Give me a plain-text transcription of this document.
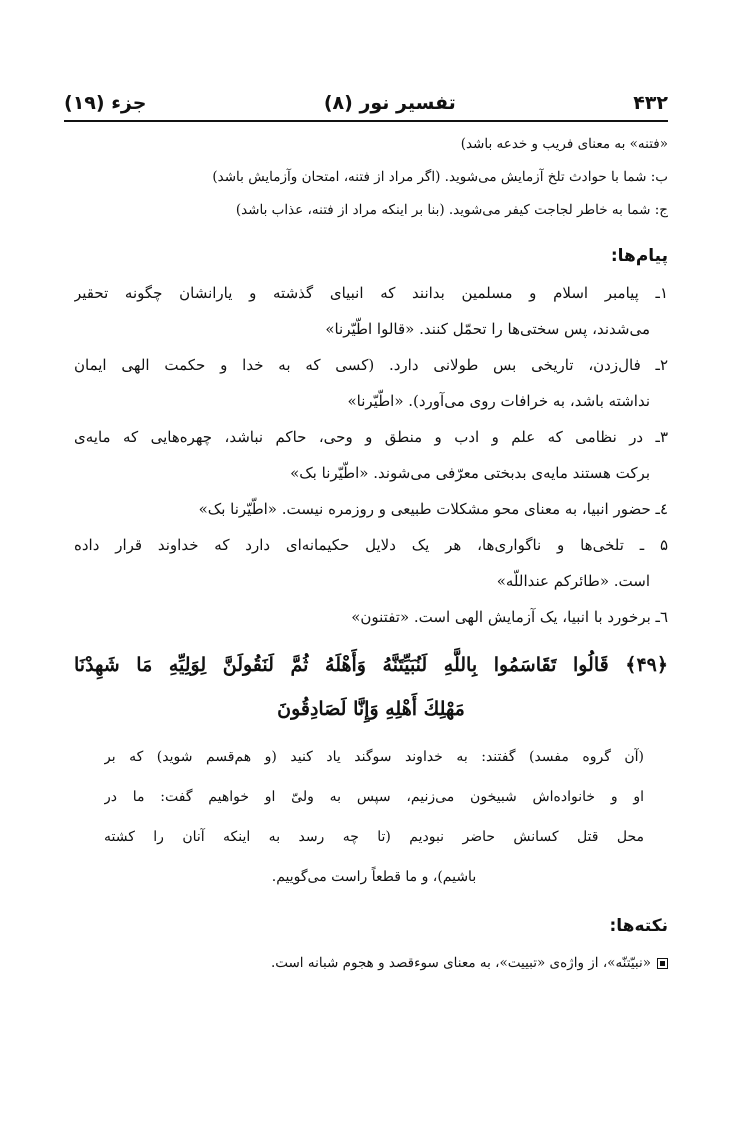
۴۳۲
تفسیر نور (۸)
جزء (۱۹)
«فتنه» به معنای فریب و خدعه باشد)
ب: شما با حوادث تلخ آزمایش می‌شوید. (اگر مراد از فتنه، امتحان وآزمایش باشد)
ج: شما به خاطر لجاجت کیفر می‌شوید. (بنا بر اینکه مراد از فتنه، عذاب باشد)
پیام‌ها:
۱ـ پیامبر اسلام و مسلمین بدانند که انبیای گذشته و یارانشان چگونه تحقیر
می‌شدند، پس سختی‌ها را تحمّل کنند. «قالوا اطّیّرنا»
۲ـ فال‌زدن، تاریخی بس طولانی دارد. (کسی که به خدا و حکمت الهی ایمان
نداشته باشد، به خرافات روی می‌آورد). «اطّیّرنا»
۳ـ در نظامی که علم و ادب و منطق و وحی، حاکم نباشد، چهره‌هایی که مایه‌ی
برکت هستند مایه‌ی بدبختی معرّفی می‌شوند. «اطّیّرنا بک»
٤ـ حضور انبیا، به معنای محو مشکلات طبیعی و روزمره نیست. «اطّیّرنا بک»
۵ ـ تلخی‌ها و ناگواری‌ها، هر یک دلایل حکیمانه‌ای دارد که خداوند قرار داده
است. «طائرکم عنداللّه»
٦ـ برخورد با انبیا، یک آزمایش الهی است. «تفتنون»
﴿۴۹﴾ قَالُوا تَقَاسَمُوا بِاللَّهِ لَنُبَيِّتَنَّهُ وَأَهْلَهُ ثُمَّ لَنَقُولَنَّ لِوَلِيِّهِ مَا شَهِدْنَا
مَهْلِكَ أَهْلِهِ وَإِنَّا لَصَادِقُونَ
(آن گروه مفسد) گفتند: به خداوند سوگند یاد کنید (و هم‌قسم شوید) که بر
او و خانواده‌اش شبیخون می‌زنیم، سپس به ولیّ او خواهیم گفت: ما در
محل قتل کسانش حاضر نبودیم (تا چه رسد به اینکه آنان را کشته
باشیم)، و ما قطعاً راست می‌گوییم.
نکته‌ها:
«نبیّتنّه»، از واژه‌ی «تبییت»، به معنای سوءقصد و هجوم شبانه است.
